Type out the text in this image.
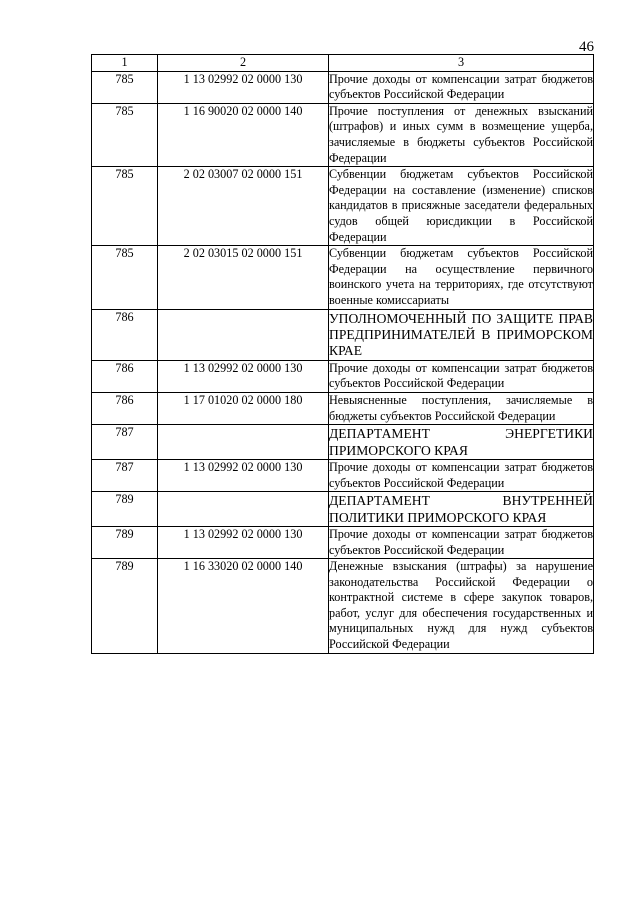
46
1	2	3
785	1 13 02992 02 0000 130	Прочие доходы от компенсации затрат бюджетов субъектов Российской Федерации
785	1 16 90020 02 0000 140	Прочие поступления от денежных взысканий (штрафов) и иных сумм в возмещение ущерба, зачисляемые в бюджеты субъектов Российской Федерации
785	2 02 03007 02 0000 151	Субвенции бюджетам субъектов Российской Федерации на составление (изменение) списков кандидатов в присяжные заседатели федеральных судов общей юрисдикции в Российской Федерации
785	2 02 03015 02 0000 151	Субвенции бюджетам субъектов Российской Федерации на осуществление первичного воинского учета на территориях, где отсутствуют военные комиссариаты
786		УПОЛНОМОЧЕННЫЙ ПО ЗАЩИТЕ ПРАВ ПРЕДПРИНИМАТЕЛЕЙ В ПРИМОРСКОМ КРАЕ
786	1 13 02992 02 0000 130	Прочие доходы от компенсации затрат бюджетов субъектов Российской Федерации
786	1 17 01020 02 0000 180	Невыясненные поступления, зачисляемые в бюджеты субъектов Российской Федерации
787		ДЕПАРТАМЕНТ ЭНЕРГЕТИКИ ПРИМОРСКОГО КРАЯ
787	1 13 02992 02 0000 130	Прочие доходы от компенсации затрат бюджетов субъектов Российской Федерации
789		ДЕПАРТАМЕНТ ВНУТРЕННЕЙ ПОЛИТИКИ ПРИМОРСКОГО КРАЯ
789	1 13 02992 02 0000 130	Прочие доходы от компенсации затрат бюджетов субъектов Российской Федерации
789	1 16 33020 02 0000 140	Денежные взыскания (штрафы) за нарушение законодательства Российской Федерации о контрактной системе в сфере закупок товаров, работ, услуг для обеспечения государственных и муниципальных нужд для нужд субъектов Российской Федерации
